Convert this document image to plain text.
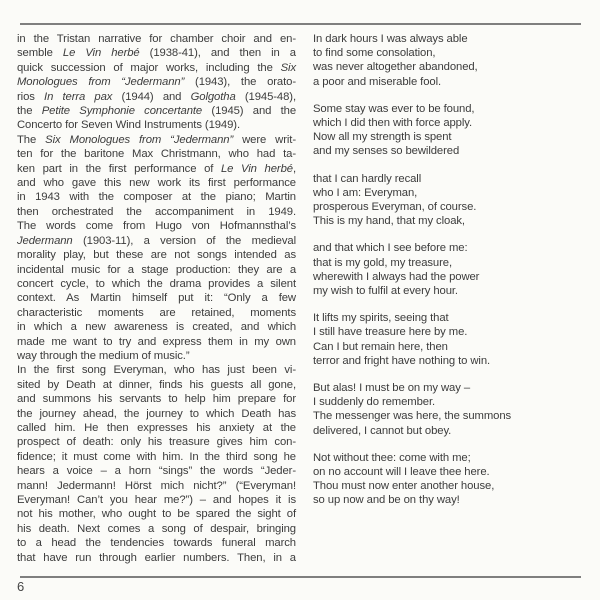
in the Tristan narrative for chamber choir and en-
semble Le Vin herbé (1938-41), and then in a
quick succession of major works, including the Six
Monologues from “Jedermann” (1943), the orato-
rios In terra pax (1944) and Golgotha (1945-48),
the Petite Symphonie concertante (1945) and the
Concerto for Seven Wind Instruments (1949).
The Six Monologues from “Jedermann” were writ-
ten for the baritone Max Christmann, who had ta-
ken part in the first performance of Le Vin herbé,
and who gave this new work its first performance
in 1943 with the composer at the piano; Martin
then orchestrated the accompaniment in 1949.
The words come from Hugo von Hofmannsthal’s
Jedermann (1903-11), a version of the medieval
morality play, but these are not songs intended as
incidental music for a stage production: they are a
concert cycle, to which the drama provides a silent
context. As Martin himself put it: “Only a few
characteristic moments are retained, moments
in which a new awareness is created, and which
made me want to try and express them in my own
way through the medium of music.”
In the first song Everyman, who has just been vi-
sited by Death at dinner, finds his guests all gone,
and summons his servants to help him prepare for
the journey ahead, the journey to which Death has
called him. He then expresses his anxiety at the
prospect of death: only his treasure gives him con-
fidence; it must come with him. In the third song he
hears a voice – a horn “sings” the words “Jeder-
mann! Jedermann! Hörst mich nicht?” (“Everyman!
Everyman! Can’t you hear me?”) – and hopes it is
not his mother, who ought to be spared the sight of
his death. Next comes a song of despair, bringing
to a head the tendencies towards funeral march
that have run through earlier numbers. Then, in a
In dark hours I was always able
to find some consolation,
was never altogether abandoned,
a poor and miserable fool.
Some stay was ever to be found,
which I did then with force apply.
Now all my strength is spent
and my senses so bewildered
that I can hardly recall
who I am: Everyman,
prosperous Everyman, of course.
This is my hand, that my cloak,
and that which I see before me:
that is my gold, my treasure,
wherewith I always had the power
my wish to fulfil at every hour.
It lifts my spirits, seeing that
I still have treasure here by me.
Can I but remain here, then
terror and fright have nothing to win.
But alas! I must be on my way –
I suddenly do remember.
The messenger was here, the summons
delivered, I cannot but obey.
Not without thee: come with me;
on no account will I leave thee here.
Thou must now enter another house,
so up now and be on thy way!
6
